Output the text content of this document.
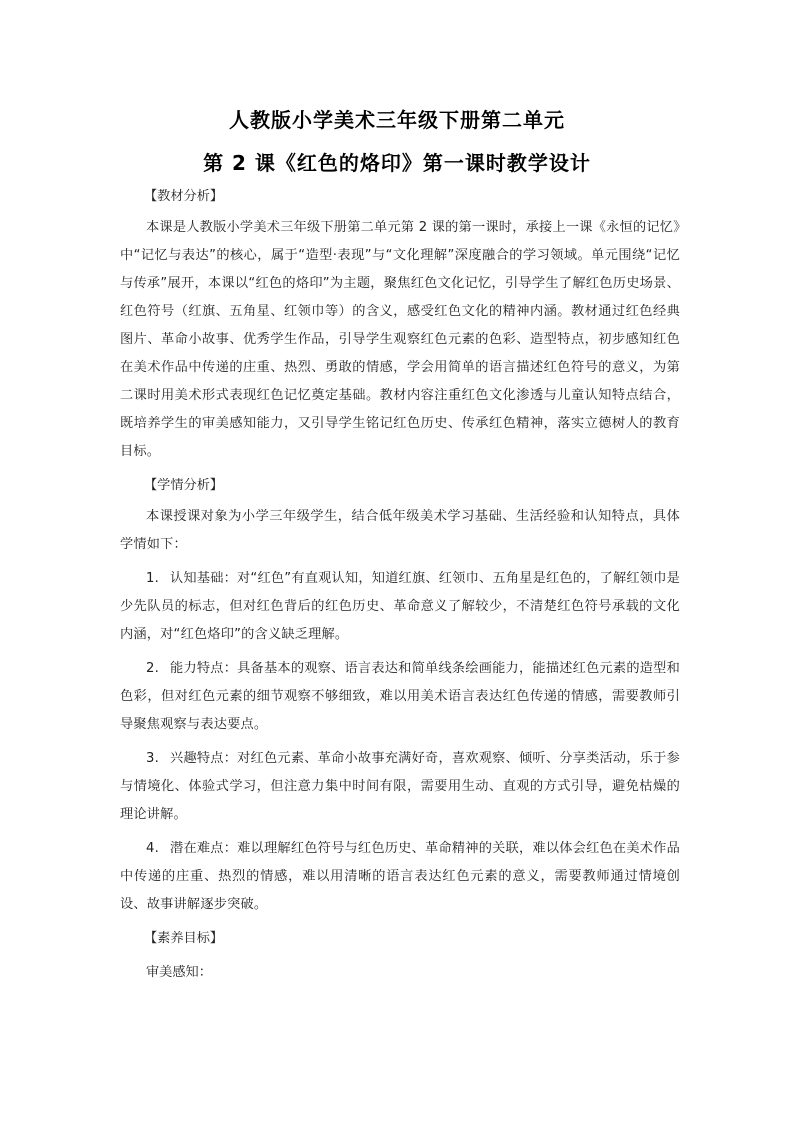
人教版小学美术三年级下册第二单元
第 2 课《红色的烙印》第一课时教学设计
【教材分析】

本课是人教版小学美术三年级下册第二单元第 2 课的第一课时，承接上一课《永恒的记忆》中“记忆与表达”的核心，属于“造型·表现”与“文化理解”深度融合的学习领域。单元围绕“记忆与传承”展开，本课以“红色的烙印”为主题，聚焦红色文化记忆，引导学生了解红色历史场景、红色符号（红旗、五角星、红领巾等）的含义，感受红色文化的精神内涵。教材通过红色经典图片、革命小故事、优秀学生作品，引导学生观察红色元素的色彩、造型特点，初步感知红色在美术作品中传递的庄重、热烈、勇敢的情感，学会用简单的语言描述红色符号的意义，为第二课时用美术形式表现红色记忆奠定基础。教材内容注重红色文化渗透与儿童认知特点结合，既培养学生的审美感知能力，又引导学生铭记红色历史、传承红色精神，落实立德树人的教育目标。

【学情分析】

本课授课对象为小学三年级学生，结合低年级美术学习基础、生活经验和认知特点，具体学情如下：

1. 认知基础：对“红色”有直观认知，知道红旗、红领巾、五角星是红色的，了解红领巾是少先队员的标志，但对红色背后的红色历史、革命意义了解较少，不清楚红色符号承载的文化内涵，对“红色烙印”的含义缺乏理解。

2. 能力特点：具备基本的观察、语言表达和简单线条绘画能力，能描述红色元素的造型和色彩，但对红色元素的细节观察不够细致，难以用美术语言表达红色传递的情感，需要教师引导聚焦观察与表达要点。

3. 兴趣特点：对红色元素、革命小故事充满好奇，喜欢观察、倾听、分享类活动，乐于参与情境化、体验式学习，但注意力集中时间有限，需要用生动、直观的方式引导，避免枯燥的理论讲解。

4. 潜在难点：难以理解红色符号与红色历史、革命精神的关联，难以体会红色在美术作品中传递的庄重、热烈的情感，难以用清晰的语言表达红色元素的意义，需要教师通过情境创设、故事讲解逐步突破。

【素养目标】
审美感知：
